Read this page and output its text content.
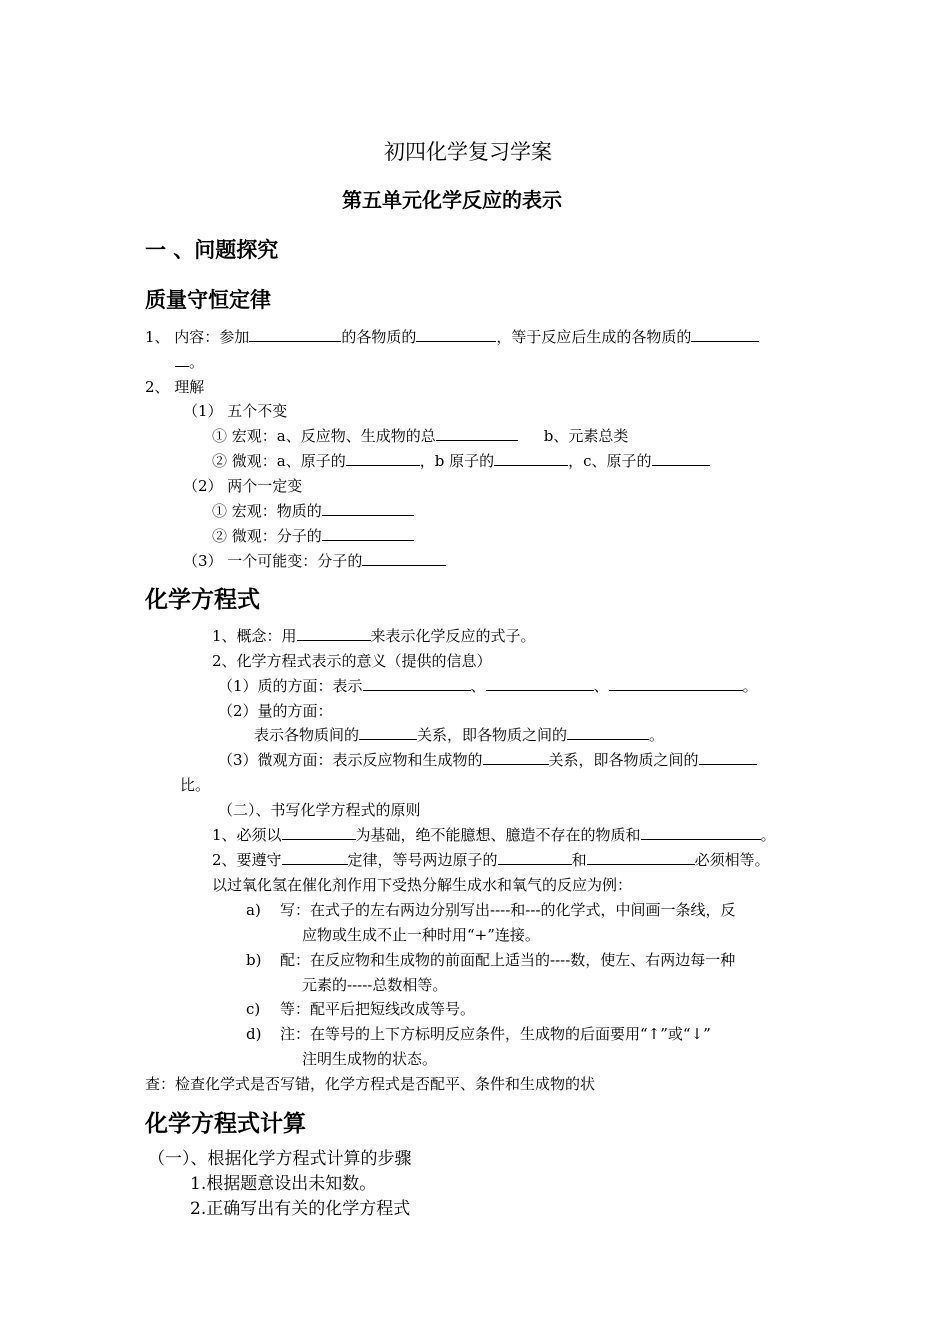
初四化学复习学案
第五单元化学反应的表示
一 、问题探究
质量守恒定律
1、 内容：参加	的各物质的	，等于反应后生成的各物质的
。
2、 理解
（1） 五个不变
① 宏观：a、反应物、生成物的总	b、元素总类
② 微观：a、原子的	，b 原子的	，c、原子的
（2） 两个一定变
① 宏观：物质的
② 微观：分子的
（3） 一个可能变：分子的
化学方程式
1、概念：用	来表示化学反应的式子。
2、化学方程式表示的意义（提供的信息）
（1）质的方面：表示	、	、	。
（2）量的方面：
表示各物质间的	关系，即各物质之间的	。
（3）微观方面：表示反应物和生成物的	关系，即各物质之间的
比。
（二）、书写化学方程式的原则
1、必须以	为基础，绝不能臆想、臆造不存在的物质和	。
2、要遵守	定律，等号两边原子的	和	必须相等。
以过氧化氢在催化剂作用下受热分解生成水和氧气的反应为例：
a) 写：在式子的左右两边分别写出----和---的化学式，中间画一条线，反
应物或生成不止一种时用“+”连接。
b) 配：在反应物和生成物的前面配上适当的----数，使左、右两边每一种
元素的-----总数相等。
c) 等：配平后把短线改成等号。
d) 注：在等号的上下方标明反应条件，生成物的后面要用“↑”或“↓”
注明生成物的状态。
查：检查化学式是否写错，化学方程式是否配平、条件和生成物的状
化学方程式计算
（一）、根据化学方程式计算的步骤
1.根据题意设出未知数。
2.正确写出有关的化学方程式
